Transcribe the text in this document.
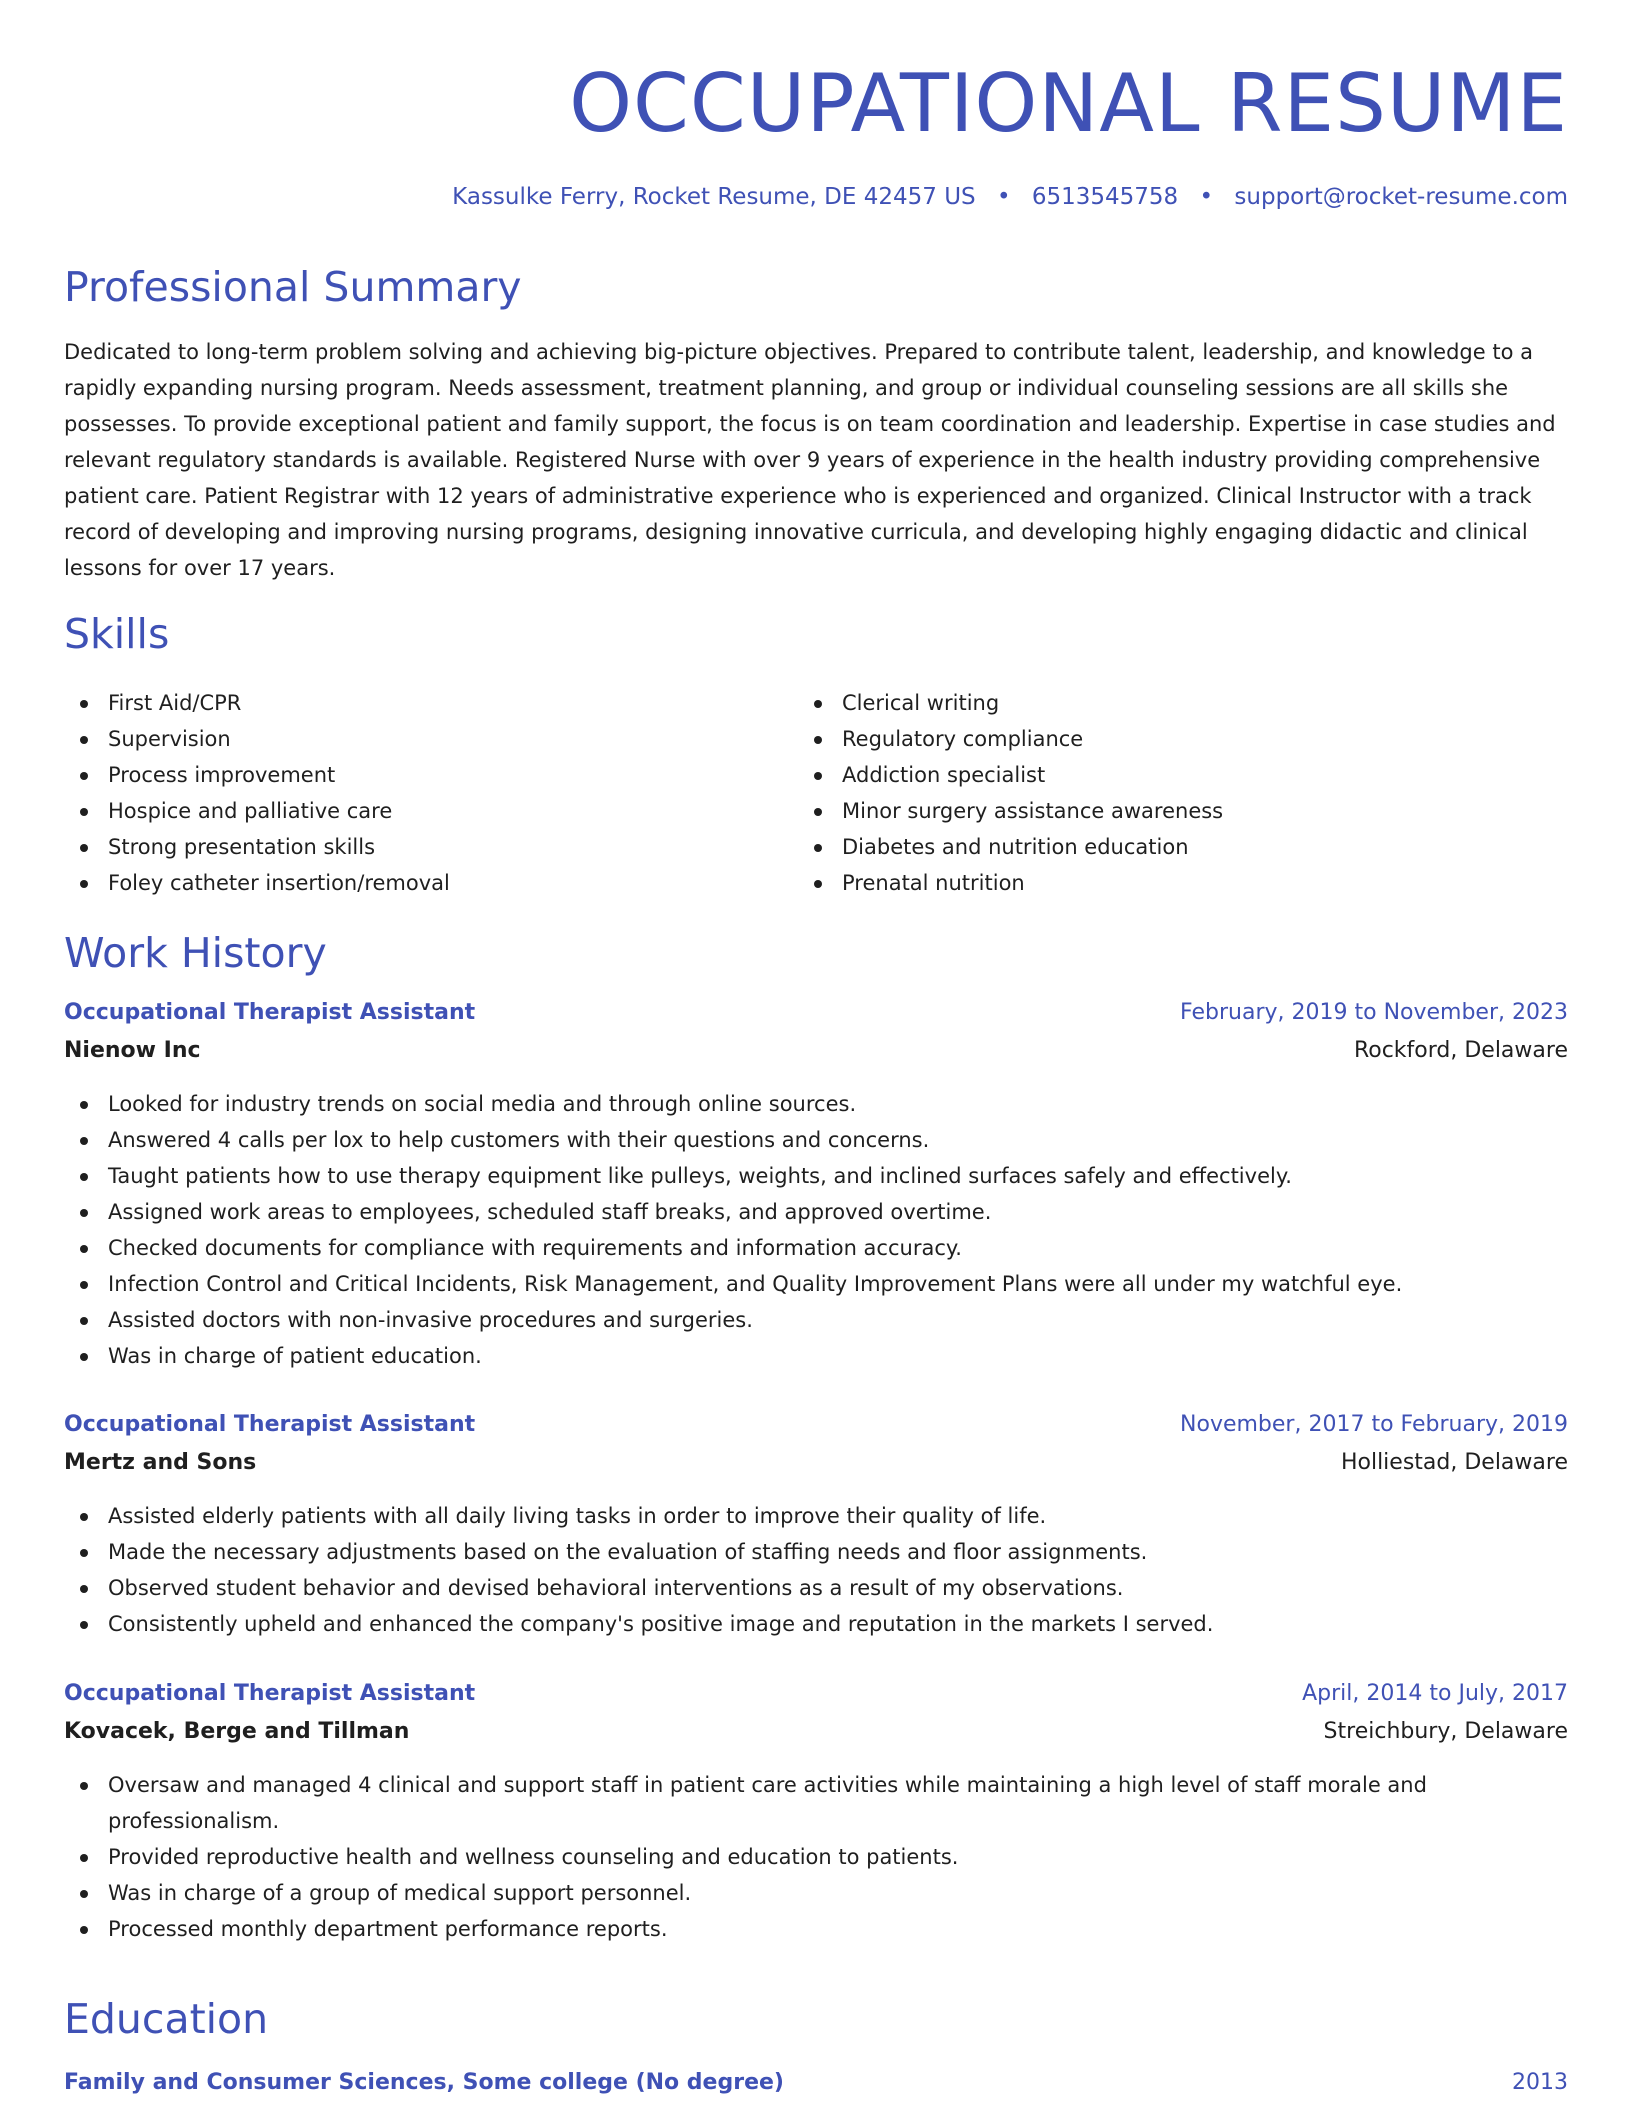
OCCUPATIONAL RESUME
Kassulke Ferry, Rocket Resume, DE 42457 US • 6513545758 • support@rocket-resume.com
Professional Summary

Dedicated to long-term problem solving and achieving big-picture objectives. Prepared to contribute talent, leadership, and knowledge to a rapidly expanding nursing program. Needs assessment, treatment planning, and group or individual counseling sessions are all skills she possesses. To provide exceptional patient and family support, the focus is on team coordination and leadership. Expertise in case studies and relevant regulatory standards is available. Registered Nurse with over 9 years of experience in the health industry providing comprehensive patient care. Patient Registrar with 12 years of administrative experience who is experienced and organized. Clinical Instructor with a track record of developing and improving nursing programs, designing innovative curricula, and developing highly engaging didactic and clinical lessons for over 17 years.

Skills
First Aid/CPR
Supervision
Process improvement
Hospice and palliative care
Strong presentation skills
Foley catheter insertion/removal
Clerical writing
Regulatory compliance
Addiction specialist
Minor surgery assistance awareness
Diabetes and nutrition education
Prenatal nutrition
Work History
Occupational Therapist Assistant	February, 2019 to November, 2023
Nienow Inc	Rockford, Delaware
Looked for industry trends on social media and through online sources.
Answered 4 calls per lox to help customers with their questions and concerns.
Taught patients how to use therapy equipment like pulleys, weights, and inclined surfaces safely and effectively.
Assigned work areas to employees, scheduled staff breaks, and approved overtime.
Checked documents for compliance with requirements and information accuracy.
Infection Control and Critical Incidents, Risk Management, and Quality Improvement Plans were all under my watchful eye.
Assisted doctors with non-invasive procedures and surgeries.
Was in charge of patient education.
Occupational Therapist Assistant	November, 2017 to February, 2019
Mertz and Sons	Holliestad, Delaware
Assisted elderly patients with all daily living tasks in order to improve their quality of life.
Made the necessary adjustments based on the evaluation of staffing needs and floor assignments.
Observed student behavior and devised behavioral interventions as a result of my observations.
Consistently upheld and enhanced the company's positive image and reputation in the markets I served.
Occupational Therapist Assistant	April, 2014 to July, 2017
Kovacek, Berge and Tillman	Streichbury, Delaware
Oversaw and managed 4 clinical and support staff in patient care activities while maintaining a high level of staff morale and professionalism.
Provided reproductive health and wellness counseling and education to patients.
Was in charge of a group of medical support personnel.
Processed monthly department performance reports.
Education
Family and Consumer Sciences, Some college (No degree)	2013
